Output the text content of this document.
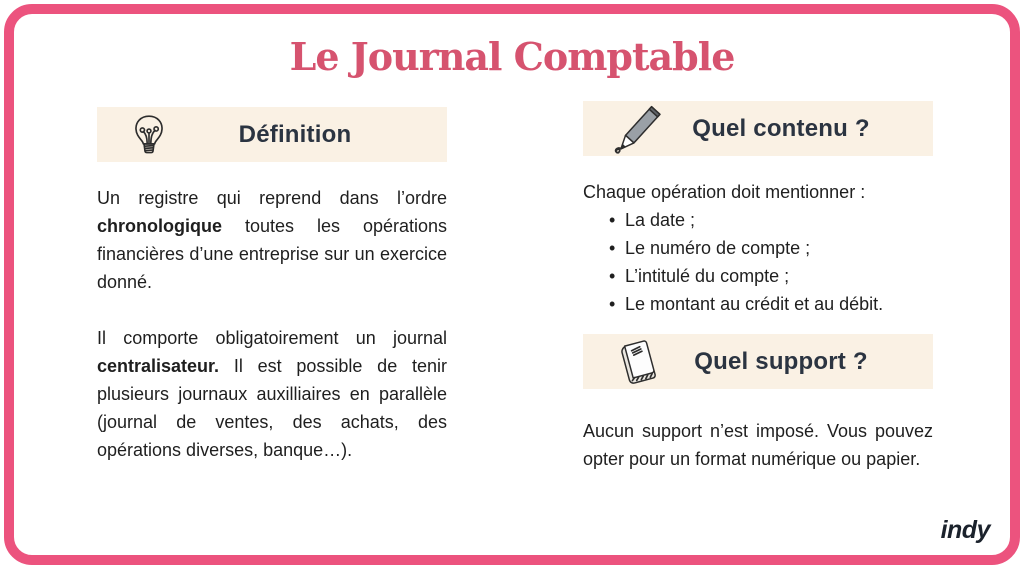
Le Journal Comptable
Définition

Un registre qui reprend dans l’ordre chronologique toutes les opérations financières d’une entreprise sur un exercice donné.

Il comporte obligatoirement un journal centralisateur. Il est possible de tenir plusieurs journaux auxilliaires en parallèle (journal de ventes, des achats, des opérations diverses, banque…).

Quel contenu ?

Chaque opération doit mentionner :

• La date ;
• Le numéro de compte ;
• L’intitulé du compte ;
• Le montant au crédit et au débit.
Quel support ?

Aucun support n’est imposé. Vous pouvez opter pour un format numérique ou papier.

indy
